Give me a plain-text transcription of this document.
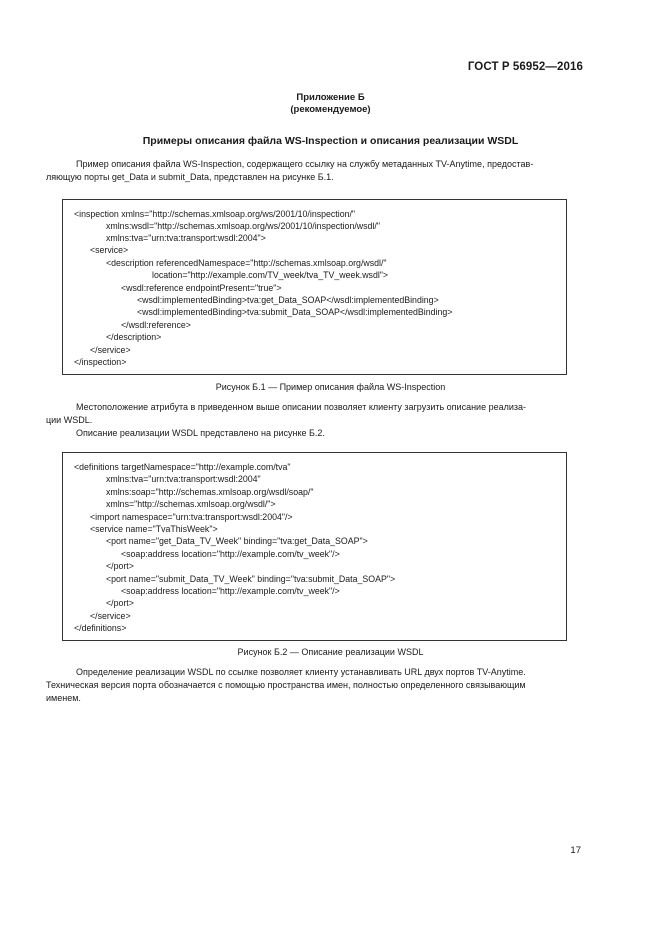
ГОСТ Р 56952—2016
Приложение Б
(рекомендуемое)
Примеры описания файла WS-Inspection и описания реализации WSDL
Пример описания файла WS-Inspection, содержащего ссылку на службу метаданных TV-Anytime, предостав-
ляющую порты get_Data и submit_Data, представлен на рисунке Б.1.
<inspection xmlns="http://schemas.xmlsoap.org/ws/2001/10/inspection/"
xmlns:wsdl="http://schemas.xmlsoap.org/ws/2001/10/inspection/wsdl/"
xmlns:tva="urn:tva:transport:wsdl:2004">
<service>
<description referencedNamespace="http://schemas.xmlsoap.org/wsdl/"
location="http://example.com/TV_week/tva_TV_week.wsdl">
<wsdl:reference endpointPresent="true">
<wsdl:implementedBinding>tva:get_Data_SOAP</wsdl:implementedBinding>
<wsdl:implementedBinding>tva:submit_Data_SOAP</wsdl:implementedBinding>
</wsdl:reference>
</description>
</service>
</inspection>
Рисунок Б.1 — Пример описания файла WS-Inspection
Местоположение атрибута в приведенном выше описании позволяет клиенту загрузить описание реализа-
ции WSDL.
Описание реализации WSDL представлено на рисунке Б.2.
<definitions targetNamespace="http://example.com/tva"
xmlns:tva="urn:tva:transport:wsdl:2004"
xmlns:soap="http://schemas.xmlsoap.org/wsdl/soap/"
xmlns="http://schemas.xmlsoap.org/wsdl/">
<import namespace="urn:tva:transport:wsdl:2004"/>
<service name="TvaThisWeek">
<port name="get_Data_TV_Week" binding="tva:get_Data_SOAP">
<soap:address location="http://example.com/tv_week"/>
</port>
<port name="submit_Data_TV_Week" binding="tva:submit_Data_SOAP">
<soap:address location="http://example.com/tv_week"/>
</port>
</service>
</definitions>
Рисунок Б.2 — Описание реализации WSDL
Определение реализации WSDL по ссылке позволяет клиенту устанавливать URL двух портов TV-Anytime.
Техническая версия порта обозначается с помощью пространства имен, полностью определенного связывающим
именем.
17
